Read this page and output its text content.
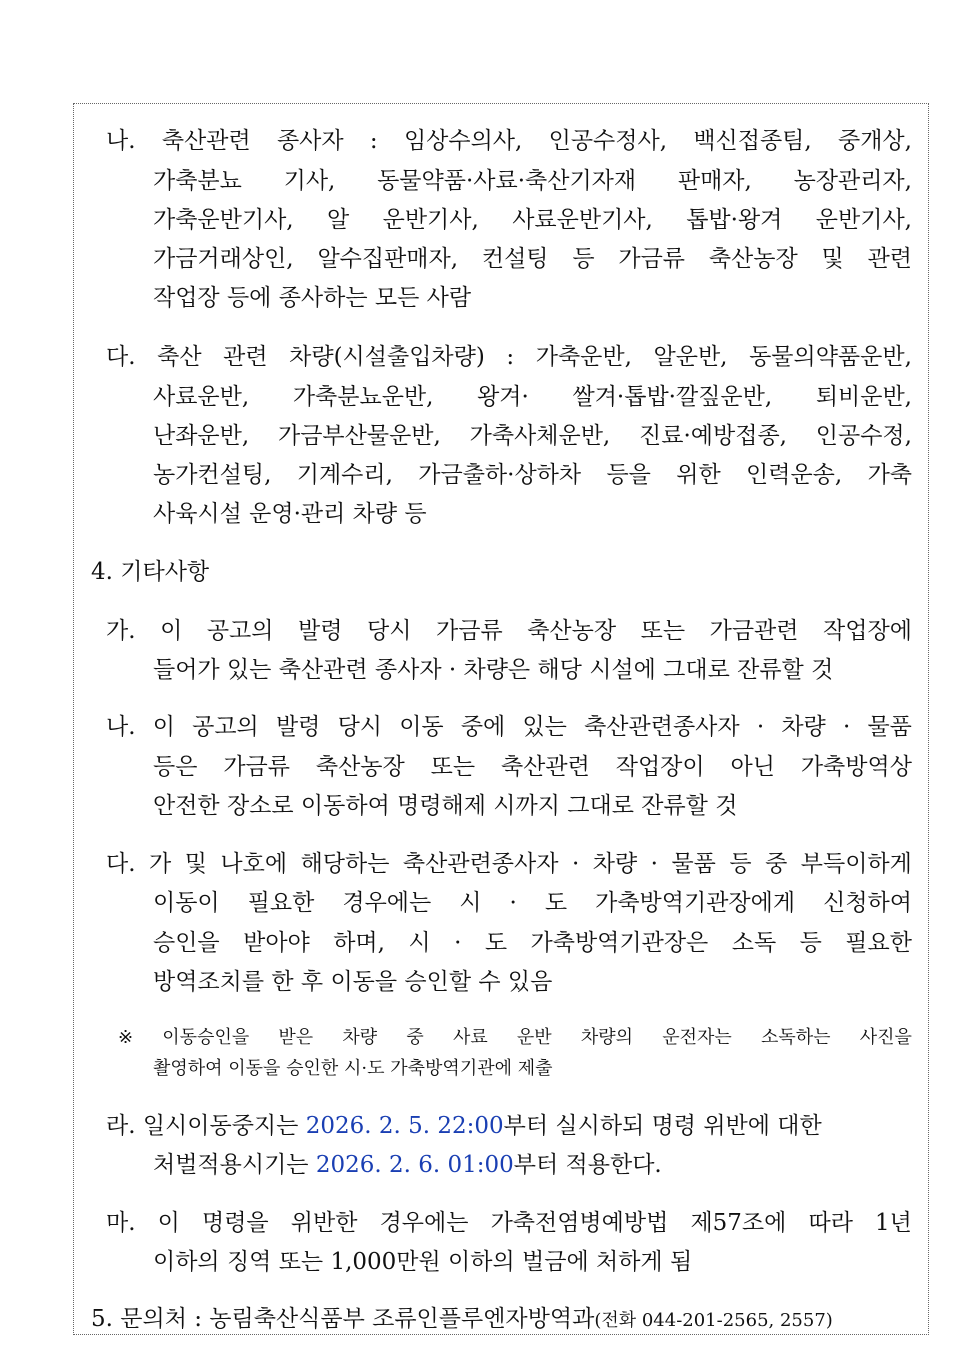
나. 축산관련 종사자 : 임상수의사, 인공수정사, 백신접종팀, 중개상,
가축분뇨 기사, 동물약품·사료·축산기자재 판매자, 농장관리자,
가축운반기사, 알 운반기사, 사료운반기사, 톱밥·왕겨 운반기사,
가금거래상인, 알수집판매자, 컨설팅 등 가금류 축산농장 및 관련
작업장 등에 종사하는 모든 사람
다. 축산 관련 차량(시설출입차량) : 가축운반, 알운반, 동물의약품운반,
사료운반, 가축분뇨운반, 왕겨· 쌀겨·톱밥·깔짚운반, 퇴비운반,
난좌운반, 가금부산물운반, 가축사체운반, 진료·예방접종, 인공수정,
농가컨설팅, 기계수리, 가금출하·상하차 등을 위한 인력운송, 가축
사육시설 운영·관리 차량 등
4. 기타사항
가. 이 공고의 발령 당시 가금류 축산농장 또는 가금관련 작업장에
들어가 있는 축산관련 종사자 · 차량은 해당 시설에 그대로 잔류할 것
나. 이 공고의 발령 당시 이동 중에 있는 축산관련종사자 · 차량 · 물품
등은 가금류 축산농장 또는 축산관련 작업장이 아닌 가축방역상
안전한 장소로 이동하여 명령해제 시까지 그대로 잔류할 것
다. 가 및 나호에 해당하는 축산관련종사자 · 차량 · 물품 등 중 부득이하게
이동이 필요한 경우에는 시 · 도 가축방역기관장에게 신청하여
승인을 받아야 하며, 시 · 도 가축방역기관장은 소독 등 필요한
방역조치를 한 후 이동을 승인할 수 있음
※ 이동승인을 받은 차량 중 사료 운반 차량의 운전자는 소독하는 사진을
촬영하여 이동을 승인한 시·도 가축방역기관에 제출
라. 일시이동중지는 2026. 2. 5. 22:00부터 실시하되 명령 위반에 대한
처벌적용시기는 2026. 2. 6. 01:00부터 적용한다.
마. 이 명령을 위반한 경우에는 가축전염병예방법 제57조에 따라 1년
이하의 징역 또는 1,000만원 이하의 벌금에 처하게 됨
5. 문의처 : 농림축산식품부 조류인플루엔자방역과(전화 044-201-2565, 2557)
